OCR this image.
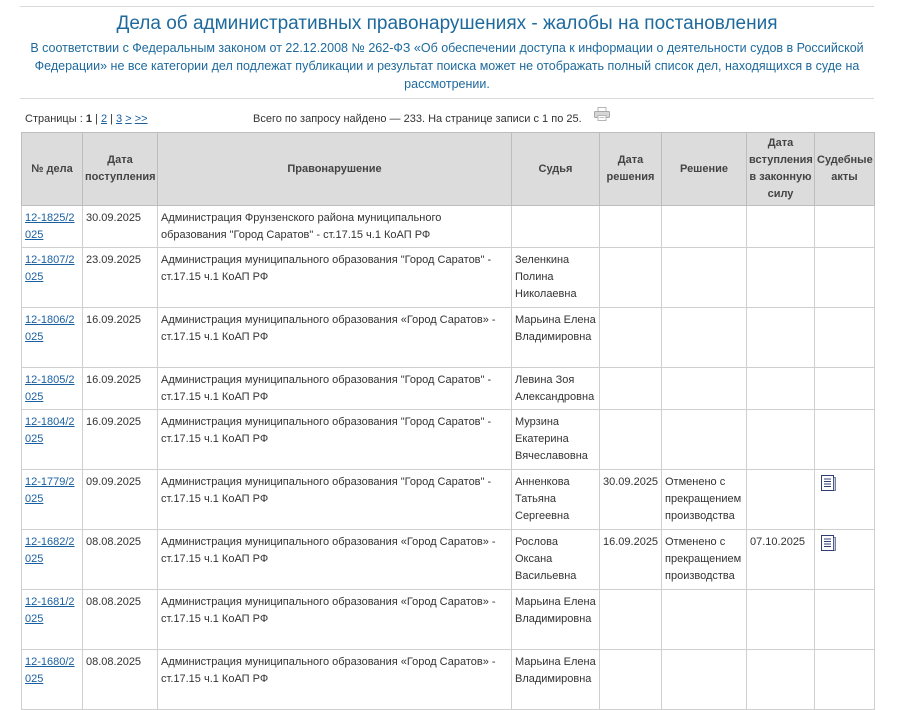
Дела об административных правонарушениях - жалобы на постановления
В соответствии с Федеральным законом от 22.12.2008 № 262-ФЗ «Об обеспечении доступа к информации о деятельности судов в Российской Федерации» не все категории дел подлежат публикации и результат поиска может не отображать полный список дел, находящихся в суде на рассмотрении.
Страницы : 1 | 2 | 3 > >>	Всего по запросу найдено — 233. На странице записи с 1 по 25.
№ дела	Дата поступления	Правонарушение	Судья	Дата решения	Решение	Дата вступления в законную силу	Судебные акты
12-1825/2025	30.09.2025	Администрация Фрунзенского района муниципального образования "Город Саратов" - ст.17.15 ч.1 КоАП РФ					
12-1807/2025	23.09.2025	Администрация муниципального образования "Город Саратов" - ст.17.15 ч.1 КоАП РФ	Зеленкина Полина Николаевна				
12-1806/2025	16.09.2025	Администрация муниципального образования «Город Саратов» - ст.17.15 ч.1 КоАП РФ	Марьина Елена Владимировна				
12-1805/2025	16.09.2025	Администрация муниципального образования "Город Саратов" - ст.17.15 ч.1 КоАП РФ	Левина Зоя Александровна				
12-1804/2025	16.09.2025	Администрация муниципального образования "Город Саратов" - ст.17.15 ч.1 КоАП РФ	Мурзина Екатерина Вячеславовна				
12-1779/2025	09.09.2025	Администрация муниципального образования "Город Саратов" - ст.17.15 ч.1 КоАП РФ	Анненкова Татьяна Сергеевна	30.09.2025	Отменено с прекращением производства		
12-1682/2025	08.08.2025	Администрация муниципального образования «Город Саратов» - ст.17.15 ч.1 КоАП РФ	Рослова Оксана Васильевна	16.09.2025	Отменено с прекращением производства	07.10.2025	
12-1681/2025	08.08.2025	Администрация муниципального образования «Город Саратов» - ст.17.15 ч.1 КоАП РФ	Марьина Елена Владимировна				
12-1680/2025	08.08.2025	Администрация муниципального образования «Город Саратов» - ст.17.15 ч.1 КоАП РФ	Марьина Елена Владимировна				
